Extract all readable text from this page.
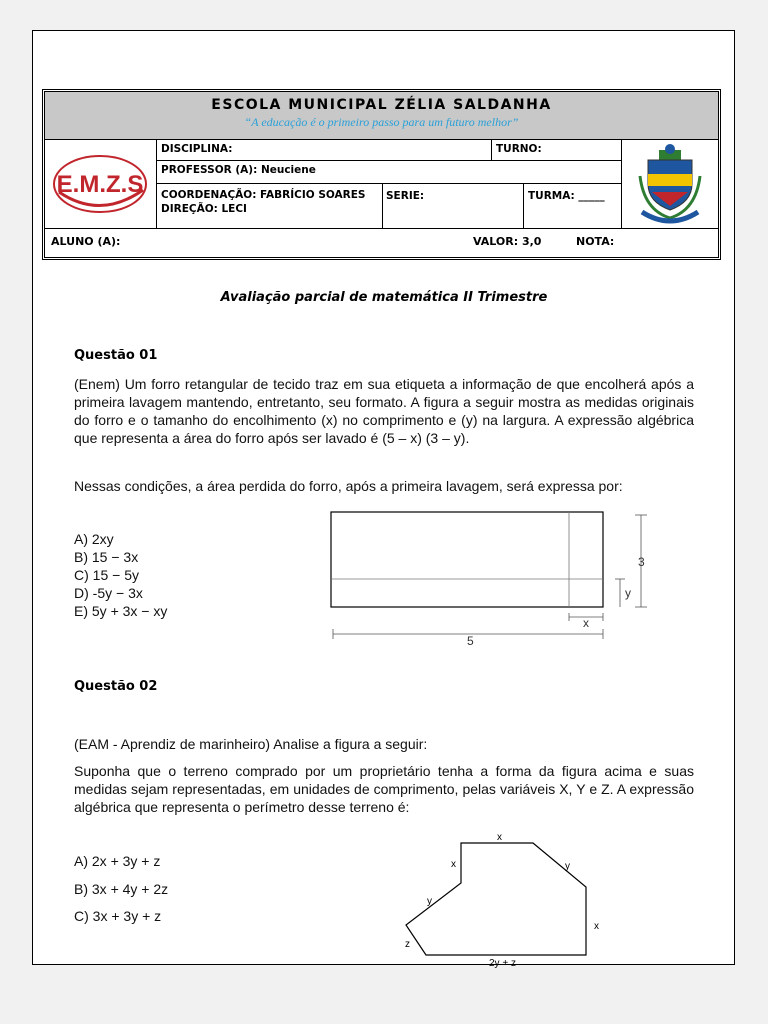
ESCOLA MUNICIPAL ZÉLIA SALDANHA
“A educação é o primeiro passo para um futuro melhor”
E.M.Z.S
DISCIPLINA:	TURNO:
PROFESSOR (A): Neuciene
COORDENAÇÃO: FABRÍCIO SOARES
DIREÇÃO: LECI
SERIE:	TURMA: _____
ALUNO (A):	VALOR: 3,0	NOTA:
Avaliação parcial de matemática II Trimestre
Questão 01
(Enem) Um forro retangular de tecido traz em sua etiqueta a informação de que encolherá após a primeira lavagem mantendo, entretanto, seu formato. A figura a seguir mostra as medidas originais do forro e o tamanho do encolhimento (x) no comprimento e (y) na largura. A expressão algébrica que representa a área do forro após ser lavado é (5 – x) (3 – y).
Nessas condições, a área perdida do forro, após a primeira lavagem, será expressa por:
A) 2xy
B) 15 − 3x
C) 15 − 5y
D) -5y − 3x
E) 5y + 3x − xy
3
y
x
5
Questão 02
(EAM - Aprendiz de marinheiro) Analise a figura a seguir:
Suponha que o terreno comprado por um proprietário tenha a forma da figura acima e suas medidas sejam representadas, em unidades de comprimento, pelas variáveis X, Y e Z. A expressão algébrica que representa o perímetro desse terreno é:
A) 2x + 3y + z
B) 3x + 4y + 2z
C) 3x + 3y + z
x
x
y
y
x
z
2y + z
